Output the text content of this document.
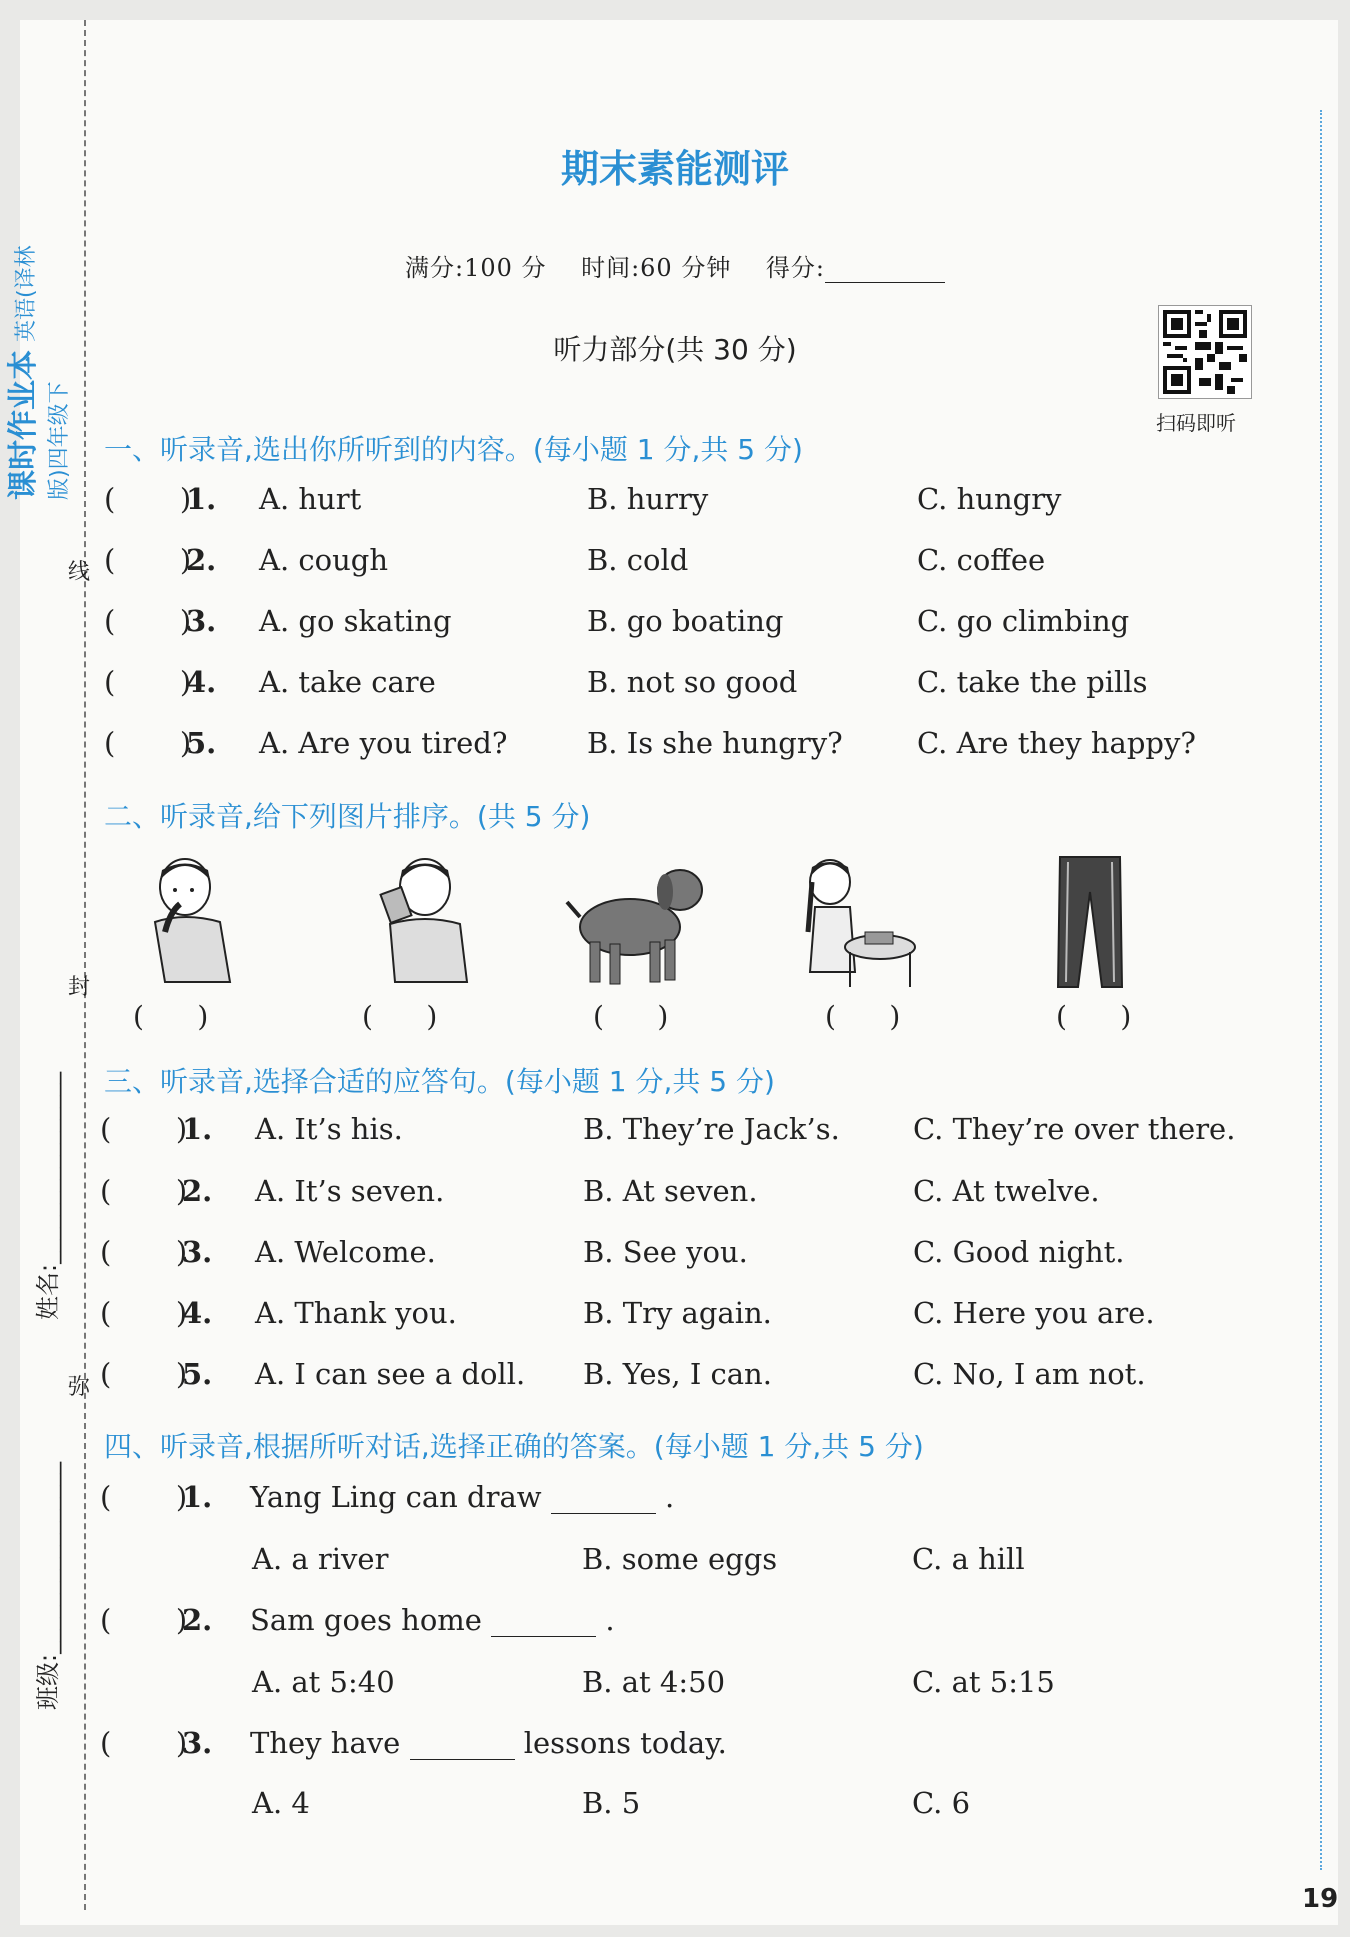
课时作业本英语(译林版)四年级下
姓名:________________
班级:________________
线
封
弥
期末素能测评
满分:100 分 时间:60 分钟 得分:
听力部分(共 30 分)
扫码即听
一、听录音,选出你所听到的内容。(每小题 1 分,共 5 分)
(       )
1. A. hurt	B. hurry	C. hungry
(       )
2. A. cough	B. cold	C. coffee
(       )
3. A. go skating	B. go boating	C. go climbing
(       )
4. A. take care	B. not so good	C. take the pills
(       )
5. A. Are you tired?	B. Is she hungry?	C. Are they happy?
二、听录音,给下列图片排序。(共 5 分)
(      )	(      )	(      )	(      )	(      )
三、听录音,选择合适的应答句。(每小题 1 分,共 5 分)
(       )
1. A. It’s his.	B. They’re Jack’s.	C. They’re over there.
(       )
2. A. It’s seven.	B. At seven.	C. At twelve.
(       )
3. A. Welcome.	B. See you.	C. Good night.
(       )
4. A. Thank you.	B. Try again.	C. Here you are.
(       )
5. A. I can see a doll. B. Yes, I can.	C. No, I am not.
四、听录音,根据所听对话,选择正确的答案。(每小题 1 分,共 5 分)
(       )
1. Yang Ling can draw	.
A. a river	B. some eggs	C. a hill
(       )
2. Sam goes home	.
A. at 5:40	B. at 4:50	C. at 5:15
(       )
3. They have	lessons today.
A. 4	B. 5	C. 6
19
